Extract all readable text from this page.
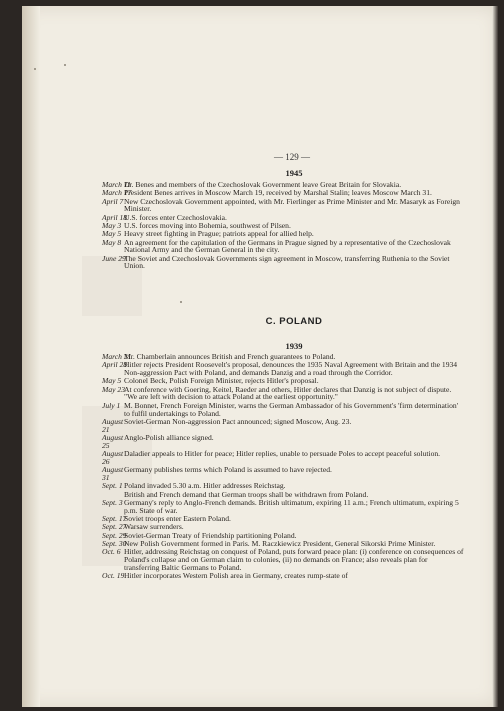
— 129 —
1945
March 11
Dr. Benes and members of the Czechoslovak Government leave Great Britain for Slovakia.
March 17
President Benes arrives in Moscow March 19, received by Marshal Stalin; leaves Moscow March 31.
April 7 New Czechoslovak Government appointed, with Mr. Fierlinger as Prime Minister and Mr. Masaryk as Foreign Minister.
April 18
U.S. forces enter Czechoslovakia.
May 3 U.S. forces moving into Bohemia, southwest of Pilsen.
May 5 Heavy street fighting in Prague; patriots appeal for allied help.
May 8 An agreement for the capitulation of the Germans in Prague signed by a representative of the Czechoslovak National Army and the German General in the city.
June 29
The Soviet and Czechoslovak Governments sign agreement in Moscow, transferring Ruthenia to the Soviet Union.
C. POLAND
1939
March 31
Mr. Chamberlain announces British and French guarantees to Poland.
April 28
Hitler rejects President Roosevelt's proposal, denounces the 1935 Naval Agreement with Britain and the 1934 Non-aggression Pact with Poland, and demands Danzig and a road through the Corridor.
May 5 Colonel Beck, Polish Foreign Minister, rejects Hitler's proposal.
May 23 At conference with Goering, Keitel, Raeder and others, Hitler declares that Danzig is not subject of dispute. "We are left with decision to attack Poland at the earliest opportunity."
July 1 M. Bonnet, French Foreign Minister, warns the German Ambassador of his Government's 'firm determination' to fulfil undertakings to Poland.
August 21
Soviet-German Non-aggression Pact announced; signed Moscow, Aug. 23.
August 25
Anglo-Polish alliance signed.
August 26
Daladier appeals to Hitler for peace; Hitler replies, unable to persuade Poles to accept peaceful solution.
August 31
Germany publishes terms which Poland is assumed to have rejected.
Sept. 1 Poland invaded 5.30 a.m. Hitler addresses Reichstag.
British and French demand that German troops shall be withdrawn from Poland.
Sept. 3 Germany's reply to Anglo-French demands. British ultimatum, expiring 11 a.m.; French ultimatum, expiring 5 p.m. State of war.
Sept. 17
Soviet troops enter Eastern Poland.
Sept. 27
Warsaw surrenders.
Sept. 29
Soviet-German Treaty of Friendship partitioning Poland.
Sept. 30
New Polish Government formed in Paris. M. Raczkiewicz President, General Sikorski Prime Minister.
Oct. 6 Hitler, addressing Reichstag on conquest of Poland, puts forward peace plan: (i) conference on consequences of Poland's collapse and on German claim to colonies, (ii) no demands on France; also reveals plan for transferring Baltic Germans to Poland.
Oct. 19 Hitler incorporates Western Polish area in Germany, creates rump-state of
